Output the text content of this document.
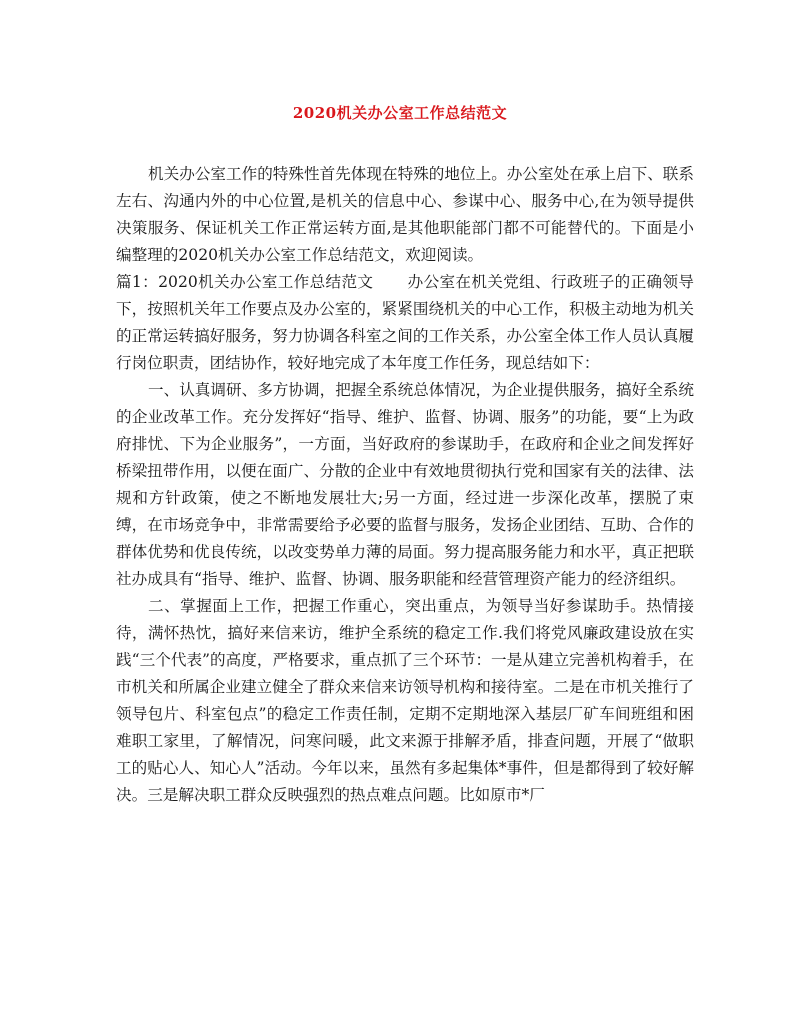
2020机关办公室工作总结范文

机关办公室工作的特殊性首先体现在特殊的地位上。办公室处在承上启下、联系左右、沟通内外的中心位置,是机关的信息中心、参谋中心、服务中心,在为领导提供决策服务、保证机关工作正常运转方面,是其他职能部门都不可能替代的。下面是小编整理的2020机关办公室工作总结范文，欢迎阅读。

篇1：2020机关办公室工作总结范文 办公室在机关党组、行政班子的正确领导下，按照机关年工作要点及办公室的，紧紧围绕机关的中心工作，积极主动地为机关的正常运转搞好服务，努力协调各科室之间的工作关系，办公室全体工作人员认真履行岗位职责，团结协作，较好地完成了本年度工作任务，现总结如下：

一、认真调研、多方协调，把握全系统总体情况，为企业提供服务，搞好全系统的企业改革工作。充分发挥好“指导、维护、监督、协调、服务”的功能，要“上为政府排忧、下为企业服务”，一方面，当好政府的参谋助手，在政府和企业之间发挥好桥梁扭带作用，以便在面广、分散的企业中有效地贯彻执行党和国家有关的法律、法规和方针政策，使之不断地发展壮大;另一方面，经过进一步深化改革，摆脱了束缚，在市场竞争中，非常需要给予必要的监督与服务，发扬企业团结、互助、合作的群体优势和优良传统，以改变势单力薄的局面。努力提高服务能力和水平，真正把联社办成具有“指导、维护、监督、协调、服务职能和经营管理资产能力的经济组织。

二、掌握面上工作，把握工作重心，突出重点，为领导当好参谋助手。热情接待，满怀热忱，搞好来信来访，维护全系统的稳定工作.我们将党风廉政建设放在实践“三个代表”的高度，严格要求，重点抓了三个环节：一是从建立完善机构着手，在市机关和所属企业建立健全了群众来信来访领导机构和接待室。二是在市机关推行了领导包片、科室包点”的稳定工作责任制，定期不定期地深入基层厂矿车间班组和困难职工家里，了解情况，问寒问暖，此文来源于排解矛盾，排查问题，开展了“做职工的贴心人、知心人”活动。今年以来，虽然有多起集体*事件，但是都得到了较好解决。三是解决职工群众反映强烈的热点难点问题。比如原市*厂
